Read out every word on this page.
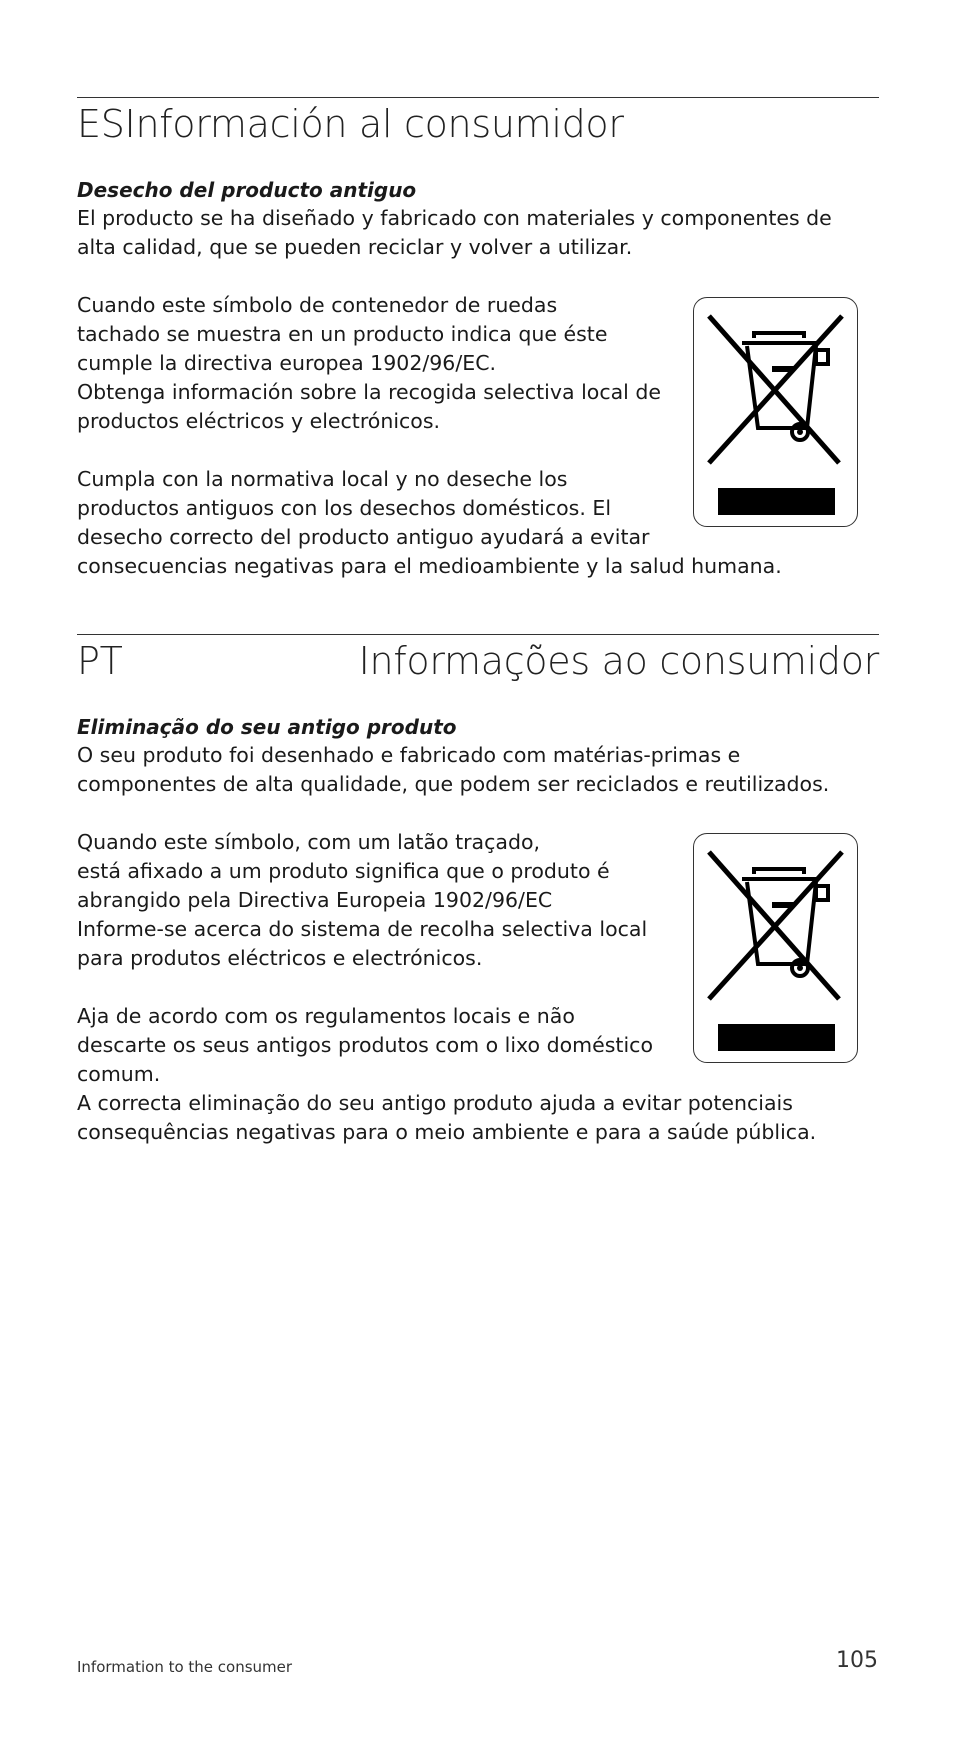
ESInformación al consumidor
Desecho del producto antiguo

El producto se ha diseñado y fabricado con materiales y componentes de
alta calidad, que se pueden reciclar y volver a utilizar.

Cuando este símbolo de contenedor de ruedas
tachado se muestra en un producto indica que éste
cumple la directiva europea 1902/96/EC.
Obtenga información sobre la recogida selectiva local de
productos eléctricos y electrónicos.

Cumpla con la normativa local y no deseche los
productos antiguos con los desechos domésticos. El
desecho correcto del producto antiguo ayudará a evitar
consecuencias negativas para el medioambiente y la salud humana.

PT	Informações ao consumidor
Eliminação do seu antigo produto

O seu produto foi desenhado e fabricado com matérias-primas e
componentes de alta qualidade, que podem ser reciclados e reutilizados.

Quando este símbolo, com um latão traçado,
está afixado a um produto significa que o produto é
abrangido pela Directiva Europeia 1902/96/EC
Informe-se acerca do sistema de recolha selectiva local
para produtos eléctricos e electrónicos.

Aja de acordo com os regulamentos locais e não
descarte os seus antigos produtos com o lixo doméstico
comum.
A correcta eliminação do seu antigo produto ajuda a evitar potenciais
consequências negativas para o meio ambiente e para a saúde pública.

Information to the consumer	105
